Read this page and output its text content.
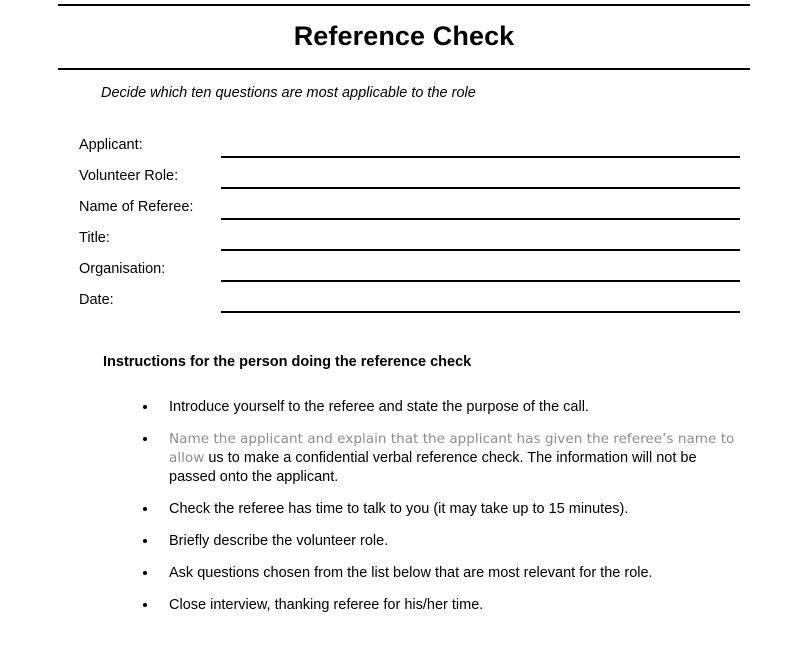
Reference Check
Decide which ten questions are most applicable to the role
Applicant:
Volunteer Role:
Name of Referee:
Title:
Organisation:
Date:
Instructions for the person doing the reference check
Introduce yourself to the referee and state the purpose of the call.
Name the applicant and explain that the applicant has given the referee’s name to allow us to make a confidential verbal reference check. The information will not be passed onto the applicant.
Check the referee has time to talk to you (it may take up to 15 minutes).
Briefly describe the volunteer role.
Ask questions chosen from the list below that are most relevant for the role.
Close interview, thanking referee for his/her time.
